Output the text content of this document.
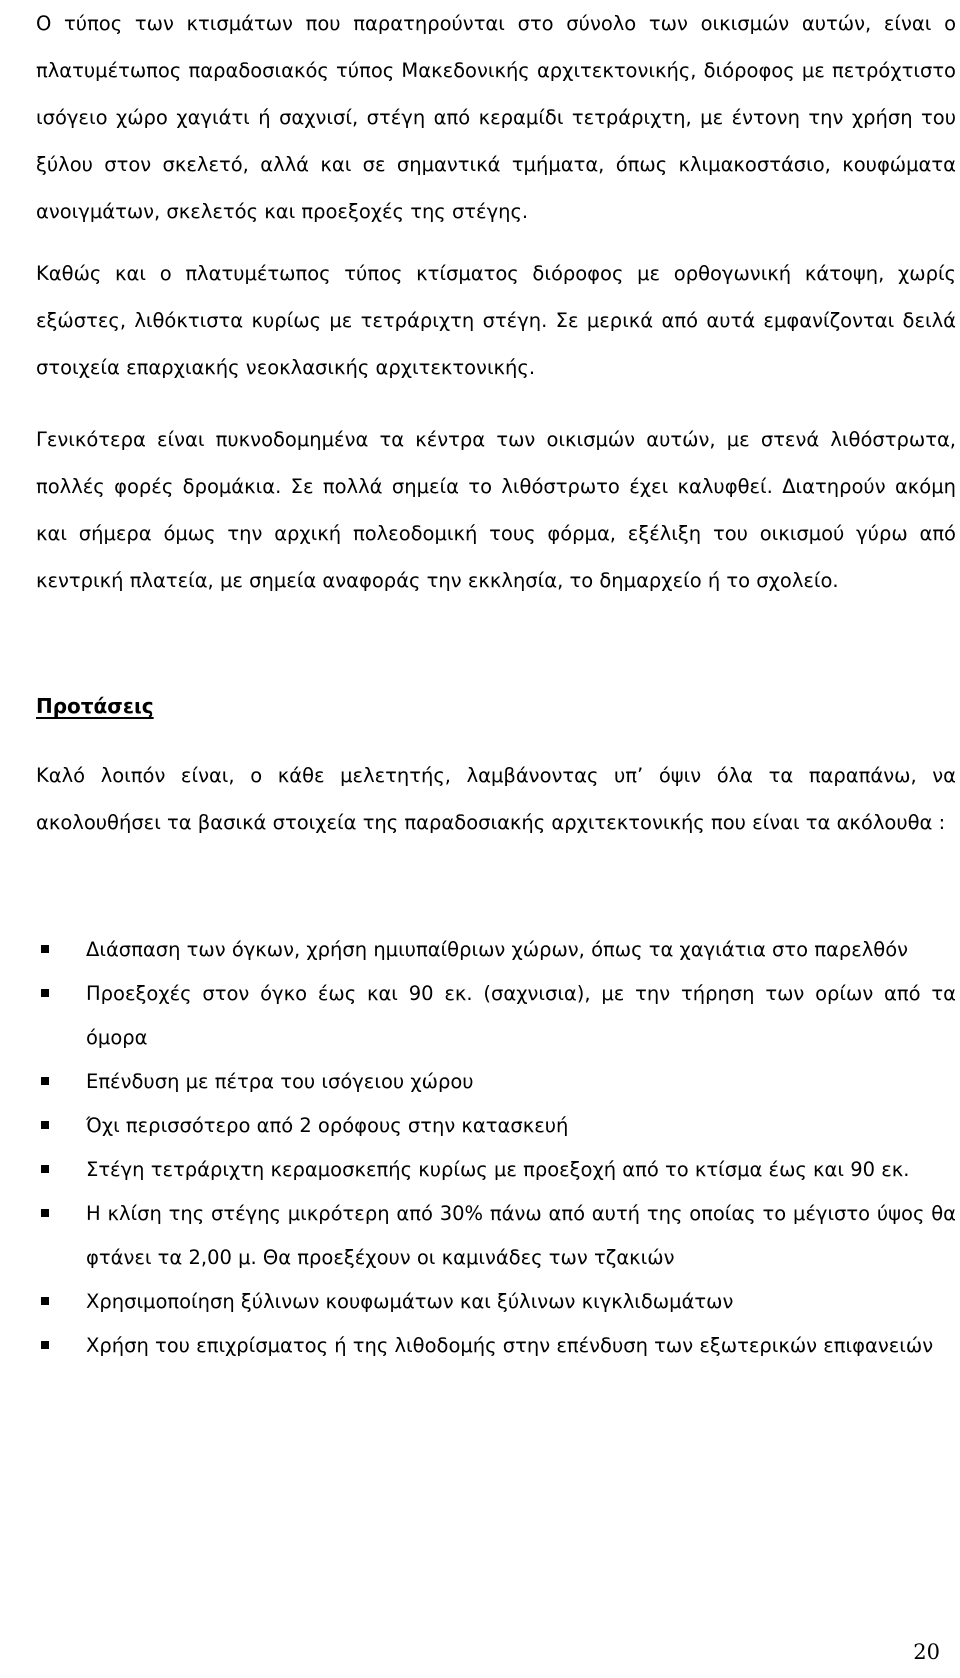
Ο τύπος των κτισμάτων που παρατηρούνται στο σύνολο των οικισμών αυτών, είναι ο πλατυμέτωπος παραδοσιακός τύπος Μακεδονικής αρχιτεκτονικής, διόροφος με πετρόχτιστο ισόγειο χώρο χαγιάτι ή σαχνισί, στέγη από κεραμίδι τετράριχτη, με έντονη την χρήση του ξύλου στον σκελετό, αλλά και σε σημαντικά τμήματα, όπως κλιμακοστάσιο, κουφώματα ανοιγμάτων, σκελετός και προεξοχές της στέγης.

Καθώς και ο πλατυμέτωπος τύπος κτίσματος διόροφος με ορθογωνική κάτοψη, χωρίς εξώστες, λιθόκτιστα κυρίως με τετράριχτη στέγη. Σε μερικά από αυτά εμφανίζονται δειλά στοιχεία επαρχιακής νεοκλασικής αρχιτεκτονικής.

Γενικότερα είναι πυκνοδομημένα τα κέντρα των οικισμών αυτών, με στενά λιθόστρωτα, πολλές φορές δρομάκια. Σε πολλά σημεία το λιθόστρωτο έχει καλυφθεί. Διατηρούν ακόμη και σήμερα όμως την αρχική πολεοδομική τους φόρμα, εξέλιξη του οικισμού γύρω από κεντρική πλατεία, με σημεία αναφοράς την εκκλησία, το δημαρχείο ή το σχολείο.

Προτάσεις

Καλό λοιπόν είναι, ο κάθε μελετητής, λαμβάνοντας υπ’ όψιν όλα τα παραπάνω, να ακολουθήσει τα βασικά στοιχεία της παραδοσιακής αρχιτεκτονικής που είναι τα ακόλουθα :

Διάσπαση των όγκων, χρήση ημιυπαίθριων χώρων, όπως τα χαγιάτια στο παρελθόν
Προεξοχές στον όγκο έως και 90 εκ. (σαχνισια), με την τήρηση των ορίων από τα όμορα
Επένδυση με πέτρα του ισόγειου χώρου
Όχι περισσότερο από 2 ορόφους στην κατασκευή
Στέγη τετράριχτη κεραμοσκεπής κυρίως με προεξοχή από το κτίσμα έως και 90 εκ.
Η κλίση της στέγης μικρότερη από 30% πάνω από αυτή της οποίας το μέγιστο ύψος θα φτάνει τα 2,00 μ. Θα προεξέχουν οι καμινάδες των τζακιών
Χρησιμοποίηση ξύλινων κουφωμάτων και ξύλινων κιγκλιδωμάτων
Χρήση του επιχρίσματος ή της λιθοδομής στην επένδυση των εξωτερικών επιφανειών
20
